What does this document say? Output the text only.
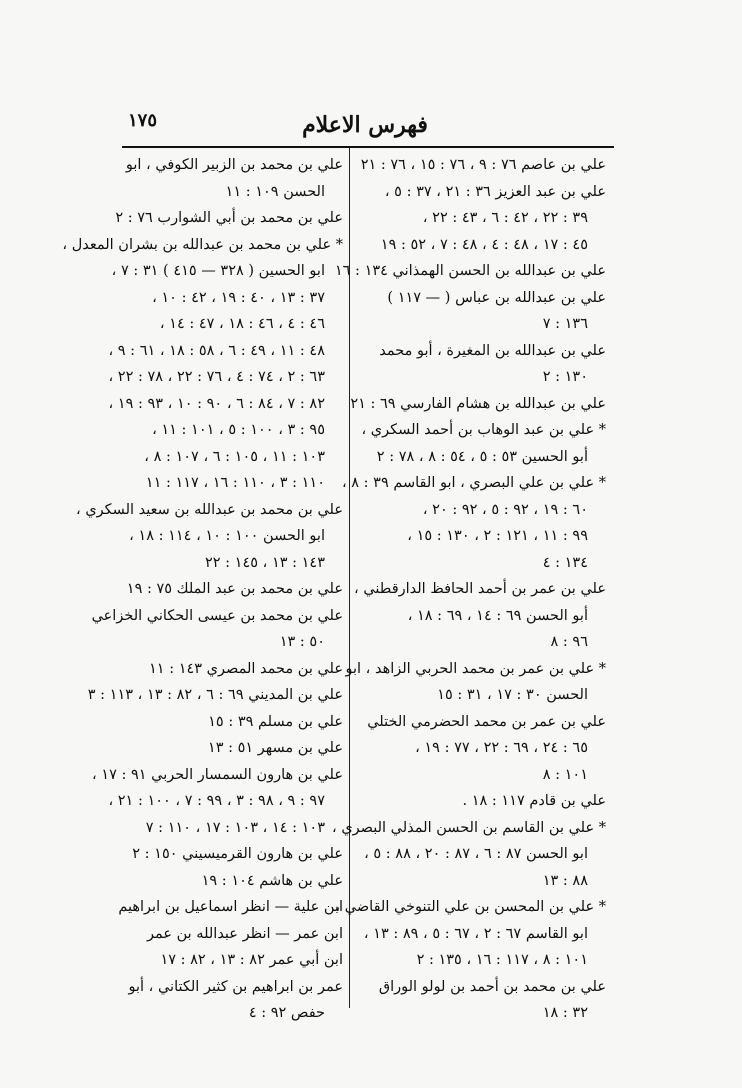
فهرس الاعلام
١٧٥
علي بن عاصم ٧٦ : ٩ ، ٧٦ : ١٥ ، ٧٦ : ٢١
علي بن عبد العزيز ٣٦ : ٢١ ، ٣٧ : ٥ ،
٣٩ : ٢٢ ، ٤٢ : ٦ ، ٤٣ : ٢٢ ،
٤٥ : ١٧ ، ٤٨ : ٤ ، ٤٨ : ٧ ، ٥٢ : ١٩
علي بن عبدالله بن الحسن الهمذاني ١٣٤ : ١٦
علي بن عبدالله بن عباس ( — ١١٧ )
١٣٦ : ٧
علي بن عبدالله بن المغيرة ، أبو محمد
١٣٠ : ٢
علي بن عبدالله بن هشام الفارسي ٦٩ : ٢١
* علي بن عبد الوهاب بن أحمد السكري ،
أبو الحسين ٥٣ : ٥ ، ٥٤ : ٨ ، ٧٨ : ٢
* علي بن علي البصري ، ابو القاسم ٣٩ : ٨ ،
٦٠ : ١٩ ، ٩٢ : ٥ ، ٩٢ : ٢٠ ،
٩٩ : ١١ ، ١٢١ : ٢ ، ١٣٠ : ١٥ ،
١٣٤ : ٤
علي بن عمر بن أحمد الحافظ الدارقطني ،
أبو الحسن ٦٩ : ١٤ ، ٦٩ : ١٨ ،
٩٦ : ٨
* علي بن عمر بن محمد الحربي الزاهد ، ابو
الحسن ٣٠ : ١٧ ، ٣١ : ١٥
علي بن عمر بن محمد الحضرمي الختلي
٦٥ : ٢٤ ، ٦٩ : ٢٢ ، ٧٧ : ١٩ ،
١٠١ : ٨
علي بن قادم ١١٧ : ١٨ .
* علي بن القاسم بن الحسن المذلي البصري ،
ابو الحسن ٨٧ : ٦ ، ٨٧ : ٢٠ ، ٨٨ : ٥ ،
٨٨ : ١٣
* علي بن المحسن بن علي التنوخي القاضي ،
ابو القاسم ٦٧ : ٢ ، ٦٧ : ٥ ، ٨٩ : ١٣ ،
١٠١ : ٨ ، ١١٧ : ١٦ ، ١٣٥ : ٢
علي بن محمد بن أحمد بن لولو الوراق
٣٢ : ١٨
علي بن محمد بن الزبير الكوفي ، ابو
الحسن ١٠٩ : ١١
علي بن محمد بن أبي الشوارب ٧٦ : ٢
* علي بن محمد بن عبدالله بن بشران المعدل ،
ابو الحسين ( ٣٢٨ — ٤١٥ ) ٣١ : ٧ ،
٣٧ : ١٣ ، ٤٠ : ١٩ ، ٤٢ : ١٠ ،
٤٦ : ٤ ، ٤٦ : ١٨ ، ٤٧ : ١٤ ،
٤٨ : ١١ ، ٤٩ : ٦ ، ٥٨ : ١٨ ، ٦١ : ٩ ،
٦٣ : ٢ ، ٧٤ : ٤ ، ٧٦ : ٢٢ ، ٧٨ : ٢٢ ،
٨٢ : ٧ ، ٨٤ : ٦ ، ٩٠ : ١٠ ، ٩٣ : ١٩ ،
٩٥ : ٣ ، ١٠٠ : ٥ ، ١٠١ : ١١ ،
١٠٣ : ١١ ، ١٠٥ : ٦ ، ١٠٧ : ٨ ،
١١٠ : ٣ ، ١١٠ : ١٦ ، ١١٧ : ١١
علي بن محمد بن عبدالله بن سعيد السكري ،
ابو الحسن ١٠٠ : ١٠ ، ١١٤ : ١٨ ،
١٤٣ : ١٣ ، ١٤٥ : ٢٢
علي بن محمد بن عبد الملك ٧٥ : ١٩
علي بن محمد بن عيسى الحكاني الخزاعي
٥٠ : ١٣
علي بن محمد المصري ١٤٣ : ١١
علي بن المديني ٦٩ : ٦ ، ٨٢ : ١٣ ، ١١٣ : ٣
علي بن مسلم ٣٩ : ١٥
علي بن مسهر ٥١ : ١٣
علي بن هارون السمسار الحربي ٩١ : ١٧ ،
٩٧ : ٩ ، ٩٨ : ٣ ، ٩٩ : ٧ ، ١٠٠ : ٢١ ،
١٠٣ : ١٤ ، ١٠٣ : ١٧ ، ١١٠ : ٧
علي بن هارون القرميسيني ١٥٠ : ٢
علي بن هاشم ١٠٤ : ١٩
ابن علية — انظر اسماعيل بن ابراهيم
ابن عمر — انظر عبدالله بن عمر
ابن أبي عمر ٨٢ : ١٣ ، ٨٢ : ١٧
عمر بن ابراهيم بن كثير الكتاني ، أبو
حفص ٩٢ : ٤
